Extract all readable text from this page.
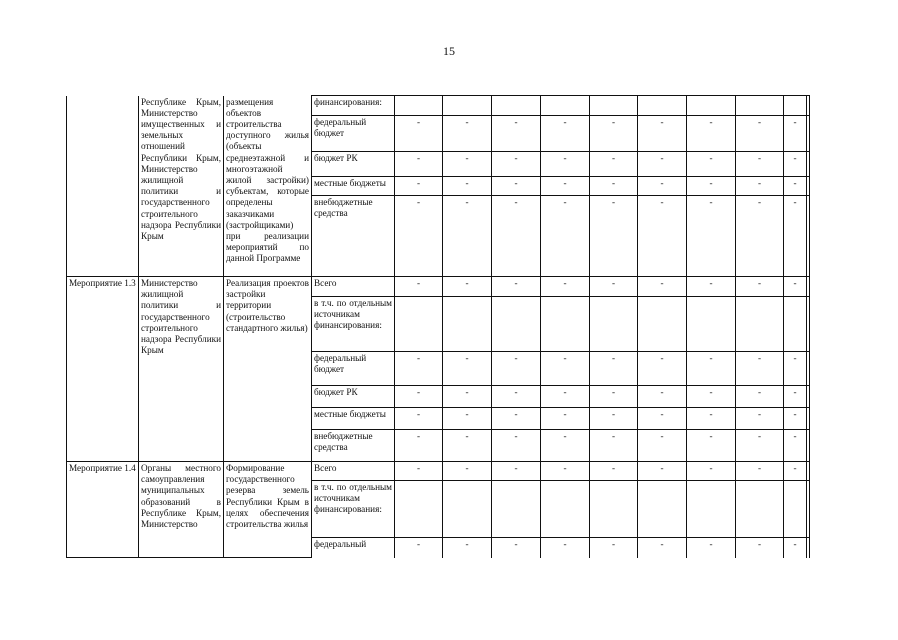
15
	Республике Крым, Министерство имущественных и земельных отношений Республики Крым, Министерство жилищной политики и государственного строительного надзора Республики Крым	размещения объектов строительства доступного жилья (объекты среднеэтажной и многоэтажной жилой застройки) субъектам, которые определены заказчиками (застройщиками) при реализации мероприятий по данной Программе	финансирования:										
			федеральный бюджет	-	-	-	-	-	-	-	-	-	
			бюджет РК	-	-	-	-	-	-	-	-	-	
			местные бюджеты	-	-	-	-	-	-	-	-	-	
			внебюджетные средства	-	-	-	-	-	-	-	-	-	
Мероприятие 1.3	Министерство жилищной политики и государственного строительного надзора Республики Крым	Реализация проектов застройки территории (строительство стандартного жилья)	Всего	-	-	-	-	-	-	-	-	-	
			в т.ч. по отдельным источникам финансирования:										
			федеральный бюджет	-	-	-	-	-	-	-	-	-	
			бюджет РК	-	-	-	-	-	-	-	-	-	
			местные бюджеты	-	-	-	-	-	-	-	-	-	
			внебюджетные средства	-	-	-	-	-	-	-	-	-	
Мероприятие 1.4	Органы местного самоуправления муниципальных образований в Республике Крым, Министерство	Формирование государственного резерва земель Республики Крым в целях обеспечения строительства жилья	Всего	-	-	-	-	-	-	-	-	-	
			в т.ч. по отдельным источникам финансирования:										
			федеральный	-	-	-	-	-	-	-	-	-	
